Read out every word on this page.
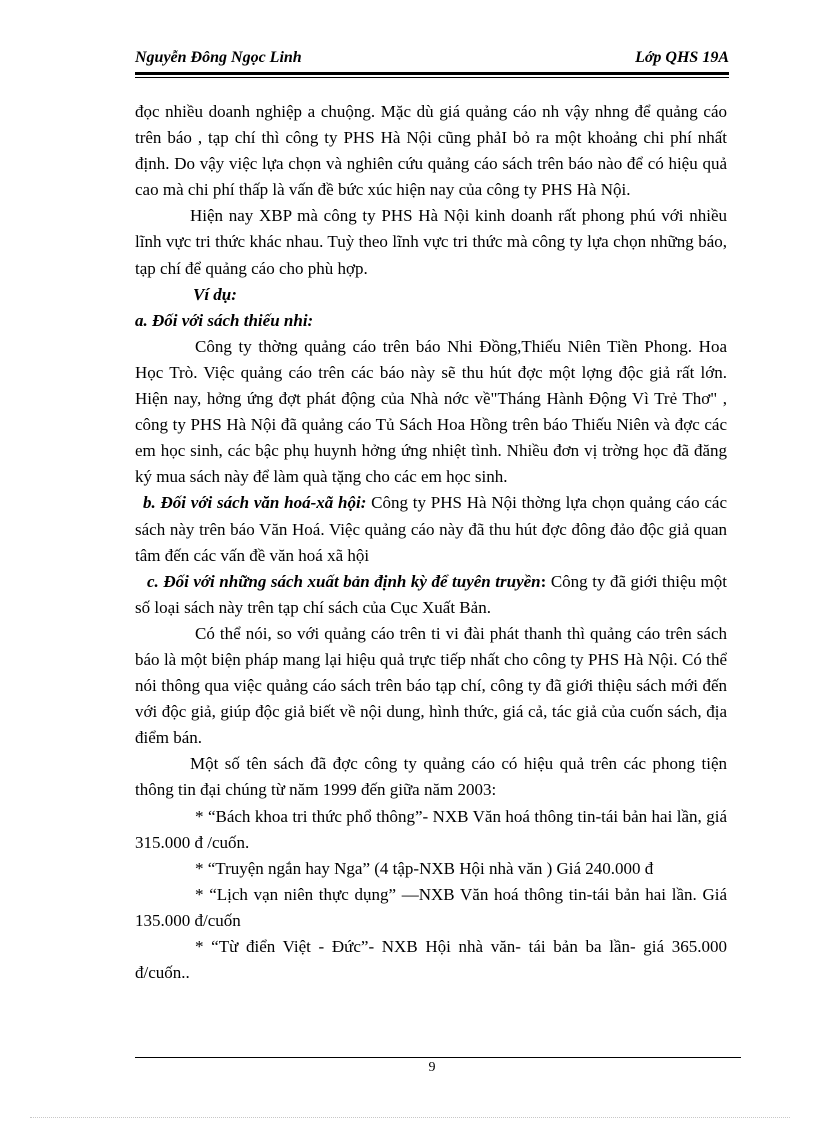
Nguyễn Đông Ngọc Linh	Lớp QHS 19A

đọc nhiều doanh nghiệp a chuộng. Mặc dù giá quảng cáo nh vậy nhng để quảng cáo trên báo , tạp chí thì công ty PHS Hà Nội cũng phảI bỏ ra một khoảng chi phí nhất định. Do vậy việc lựa chọn và nghiên cứu quảng cáo sách trên báo nào để có hiệu quả cao mà chi phí thấp là vấn đề bức xúc hiện nay của công ty PHS Hà Nội.

Hiện nay XBP mà công ty PHS Hà Nội kinh doanh rất phong phú với nhiều lĩnh vực tri thức khác nhau. Tuỳ theo lĩnh vực tri thức mà công ty lựa chọn những báo, tạp chí để quảng cáo cho phù hợp.

Ví dụ:

a. Đối với sách thiếu nhi:

Công ty thờng quảng cáo trên báo Nhi Đồng,Thiếu Niên Tiền Phong. Hoa Học Trò. Việc quảng cáo trên các báo này sẽ thu hút đợc một lợng độc giả rất lớn. Hiện nay, hởng ứng đợt phát động của Nhà nớc về"Tháng Hành Động Vì Trẻ Thơ" , công ty PHS Hà Nội đã quảng cáo Tủ Sách Hoa Hồng trên báo Thiếu Niên và đợc các em học sinh, các bậc phụ huynh hởng ứng nhiệt tình. Nhiều đơn vị trờng học đã đăng ký mua sách này để làm quà tặng cho các em học sinh.

b. Đối với sách văn hoá-xã hội: Công ty PHS Hà Nội thờng lựa chọn quảng cáo các sách này trên báo Văn Hoá. Việc quảng cáo này đã thu hút đợc đông đảo độc giả quan tâm đến các vấn đề văn hoá xã hội

c. Đối với những sách xuất bản định kỳ để tuyên truyền: Công ty đã giới thiệu một số loại sách này trên tạp chí sách của Cục Xuất Bản.

Có thể nói, so với quảng cáo trên ti vi đài phát thanh thì quảng cáo trên sách báo là một biện pháp mang lại hiệu quả trực tiếp nhất cho công ty PHS Hà Nội. Có thể nói thông qua việc quảng cáo sách trên báo tạp chí, công ty đã giới thiệu sách mới đến với độc giả, giúp độc giả biết về nội dung, hình thức, giá cả, tác giả của cuốn sách, địa điểm bán.

Một số tên sách đã đợc công ty quảng cáo có hiệu quả trên các phong tiện thông tin đại chúng từ năm 1999 đến giữa năm 2003:

* “Bách khoa tri thức phổ thông”- NXB Văn hoá thông tin-tái bản hai lần, giá 315.000 đ /cuốn.

* “Truyện ngắn hay Nga” (4 tập-NXB Hội nhà văn ) Giá 240.000 đ

* “Lịch vạn niên thực dụng” —NXB Văn hoá thông tin-tái bản hai lần. Giá 135.000 đ/cuốn

* “Từ điển Việt - Đức”- NXB Hội nhà văn- tái bản ba lần- giá 365.000 đ/cuốn..

9
